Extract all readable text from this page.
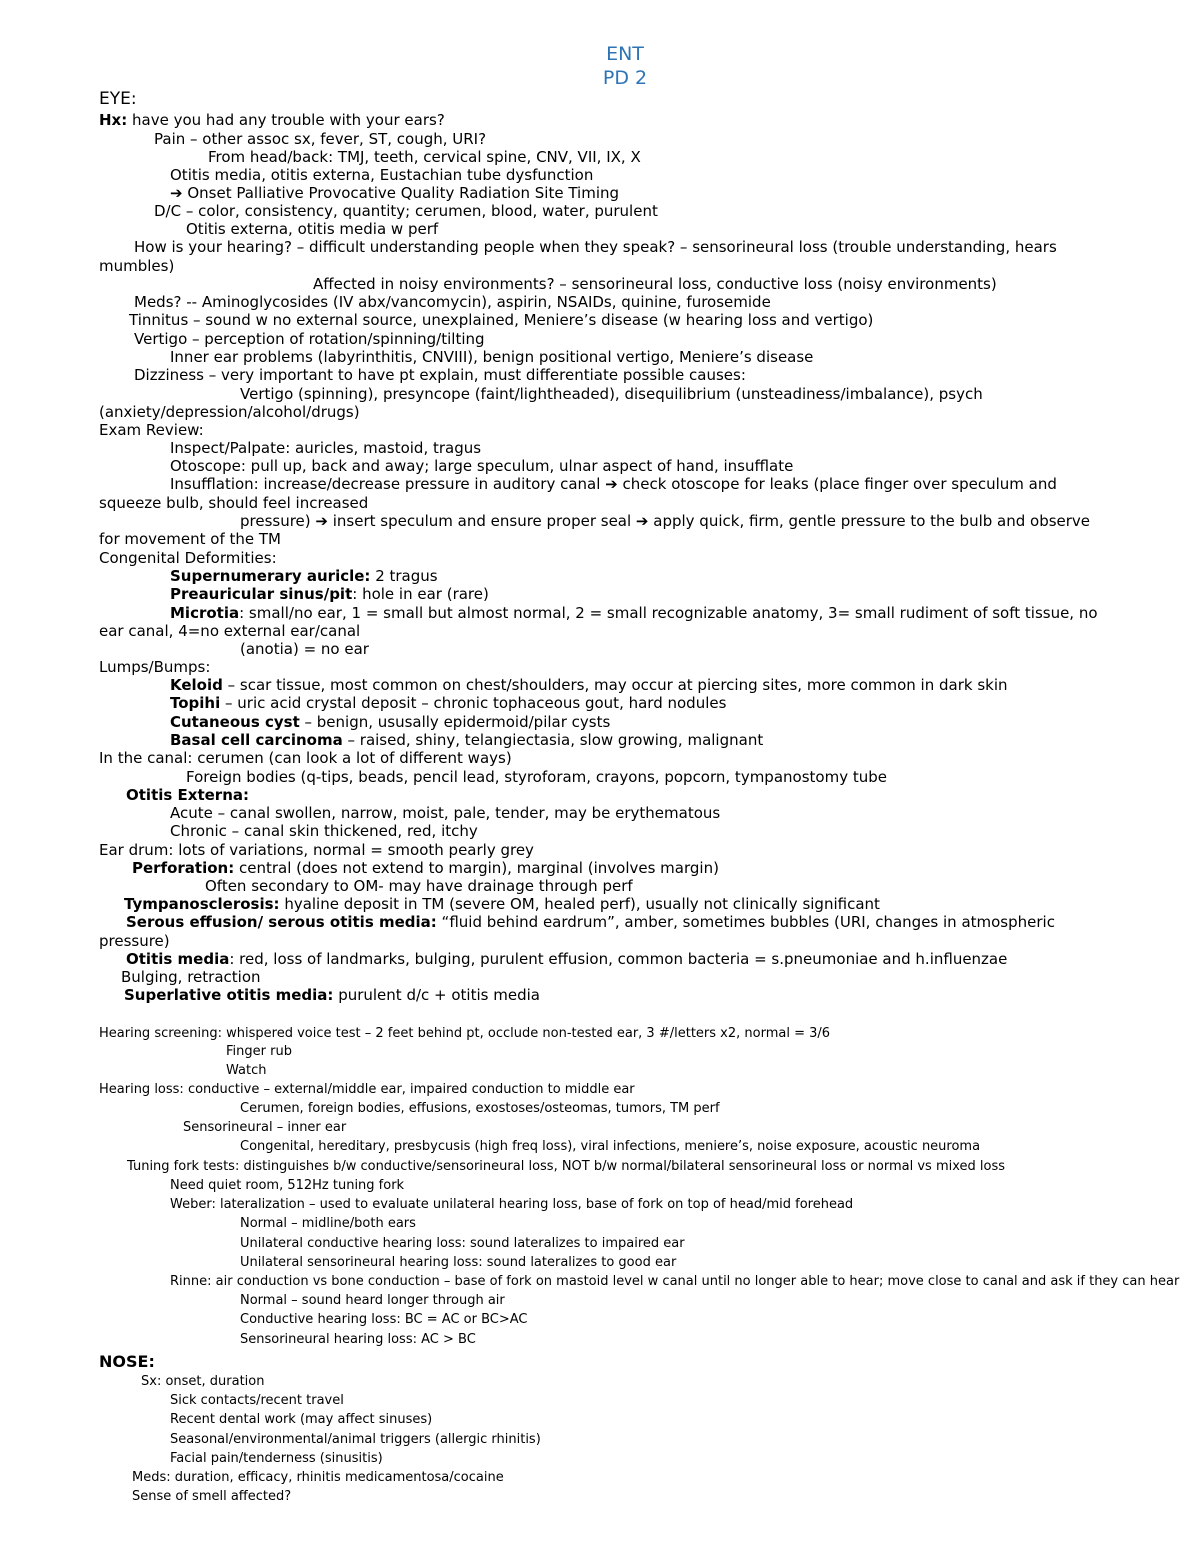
ENT
PD 2
EYE:
Hx: have you had any trouble with your ears?
Pain – other assoc sx, fever, ST, cough, URI?
From head/back: TMJ, teeth, cervical spine, CNV, VII, IX, X
Otitis media, otitis externa, Eustachian tube dysfunction
➔ Onset Palliative Provocative Quality Radiation Site Timing
D/C – color, consistency, quantity; cerumen, blood, water, purulent
Otitis externa, otitis media w perf
How is your hearing? – difficult understanding people when they speak? – sensorineural loss (trouble understanding, hears
mumbles)
Affected in noisy environments? – sensorineural loss, conductive loss (noisy environments)
Meds? -- Aminoglycosides (IV abx/vancomycin), aspirin, NSAIDs, quinine, furosemide
Tinnitus – sound w no external source, unexplained, Meniere’s disease (w hearing loss and vertigo)
Vertigo – perception of rotation/spinning/tilting
Inner ear problems (labyrinthitis, CNVIII), benign positional vertigo, Meniere’s disease
Dizziness – very important to have pt explain, must differentiate possible causes:
Vertigo (spinning), presyncope (faint/lightheaded), disequilibrium (unsteadiness/imbalance), psych
(anxiety/depression/alcohol/drugs)
Exam Review:
Inspect/Palpate: auricles, mastoid, tragus
Otoscope: pull up, back and away; large speculum, ulnar aspect of hand, insufflate
Insufflation: increase/decrease pressure in auditory canal ➔ check otoscope for leaks (place finger over speculum and
squeeze bulb, should feel increased
pressure) ➔ insert speculum and ensure proper seal ➔ apply quick, firm, gentle pressure to the bulb and observe
for movement of the TM
Congenital Deformities:
Supernumerary auricle: 2 tragus
Preauricular sinus/pit: hole in ear (rare)
Microtia: small/no ear, 1 = small but almost normal, 2 = small recognizable anatomy, 3= small rudiment of soft tissue, no
ear canal, 4=no external ear/canal
(anotia) = no ear
Lumps/Bumps:
Keloid – scar tissue, most common on chest/shoulders, may occur at piercing sites, more common in dark skin
Topihi – uric acid crystal deposit – chronic tophaceous gout, hard nodules
Cutaneous cyst – benign, ususally epidermoid/pilar cysts
Basal cell carcinoma – raised, shiny, telangiectasia, slow growing, malignant
In the canal: cerumen (can look a lot of different ways)
Foreign bodies (q-tips, beads, pencil lead, styroforam, crayons, popcorn, tympanostomy tube
Otitis Externa:
Acute – canal swollen, narrow, moist, pale, tender, may be erythematous
Chronic – canal skin thickened, red, itchy
Ear drum: lots of variations, normal = smooth pearly grey
Perforation: central (does not extend to margin), marginal (involves margin)
Often secondary to OM- may have drainage through perf
Tympanosclerosis: hyaline deposit in TM (severe OM, healed perf), usually not clinically significant
Serous effusion/ serous otitis media: “fluid behind eardrum”, amber, sometimes bubbles (URI, changes in atmospheric
pressure)
Otitis media: red, loss of landmarks, bulging, purulent effusion, common bacteria = s.pneumoniae and h.influenzae
Bulging, retraction
Superlative otitis media: purulent d/c + otitis media
Hearing screening: whispered voice test – 2 feet behind pt, occlude non-tested ear, 3 #/letters x2, normal = 3/6
Finger rub
Watch
Hearing loss: conductive – external/middle ear, impaired conduction to middle ear
Cerumen, foreign bodies, effusions, exostoses/osteomas, tumors, TM perf
Sensorineural – inner ear
Congenital, hereditary, presbycusis (high freq loss), viral infections, meniere’s, noise exposure, acoustic neuroma
Tuning fork tests: distinguishes b/w conductive/sensorineural loss, NOT b/w normal/bilateral sensorineural loss or normal vs mixed loss
Need quiet room, 512Hz tuning fork
Weber: lateralization – used to evaluate unilateral hearing loss, base of fork on top of head/mid forehead
Normal – midline/both ears
Unilateral conductive hearing loss: sound lateralizes to impaired ear
Unilateral sensorineural hearing loss: sound lateralizes to good ear
Rinne: air conduction vs bone conduction – base of fork on mastoid level w canal until no longer able to hear; move close to canal and ask if they can hear
Normal – sound heard longer through air
Conductive hearing loss: BC = AC or BC>AC
Sensorineural hearing loss: AC > BC
NOSE:
Sx: onset, duration
Sick contacts/recent travel
Recent dental work (may affect sinuses)
Seasonal/environmental/animal triggers (allergic rhinitis)
Facial pain/tenderness (sinusitis)
Meds: duration, efficacy, rhinitis medicamentosa/cocaine
Sense of smell affected?
